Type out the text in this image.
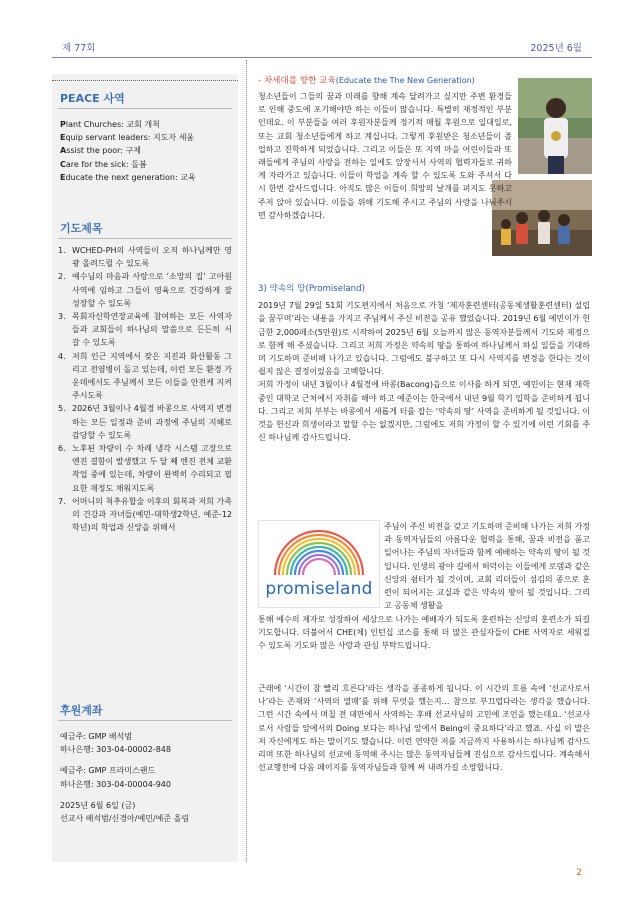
제 77회	2025년 6월
PEACE 사역
Plant Churches: 교회 개척
Equip servant leaders: 지도자 세움
Assist the poor: 구제
Care for the sick: 돌봄
Educate the next generation: 교육
기도제목
1. WCHED-PH의 사역들이 오직 하나님께만 영광 올려드릴 수 있도록
2. 예수님의 마음과 사랑으로 ‘소망의 집’ 고아원 사역에 임하고 그들이 영육으로 건강하게 잘 성장할 수 있도록
3. 목회자신학연장교육에 참여하는 모든 사역자들과 교회들이 하나님의 말씀으로 든든히 서 갈 수 있도록
4. 저희 인근 지역에서 잦은 지진과 화산활동 그리고 전염병이 돌고 있는데, 이런 모든 환경 가운데에서도 주님께서 모든 이들을 안전케 지켜 주시도록
5. 2026년 3월이나 4월경 바콩으로 사역지 변경하는 모든 일정과 준비 과정에 주님의 지혜로 감당할 수 있도록
6. 노후된 차량이 수 차례 냉각 시스템 고장으로 엔진 결함이 발생했고 두 달 째 엔진 전체 교환 작업 중에 있는데, 차량이 완벽히 수리되고 필요한 재정도 채워지도록
7. 어머니의 척추유합술 이후의 회복과 저희 가족의 건강과 자녀들(예민-대학생2학년, 예준-12학년)의 학업과 신앙을 위해서
후원계좌
예금주: GMP 배석범
하나은행: 303-04-00002-848
예금주: GMP 프라미스랜드
하나은행: 303-04-00004-940
2025년 6월 6일 (금)
선교사 배석범/신경아/예민/예준 올림
- 차세대를 향한 교육(Educate the The New Generation)

청소년들이 그들의 꿈과 미래를 향해 계속 달려가고 싶지만 주변 환경들로 인해 중도에 포기해야만 하는 이들이 많습니다. 특별히 재정적인 부분인데요. 이 부분들을 여러 후원자분들께 정기적 매월 후원으로 일대일로, 또는 교회 청소년들에게 하고 계십니다. 그렇게 후원받은 청소년들이 졸업하고 진학하게 되었습니다. 그리고 이들은 또 지역 마을 어린이들과 또래들에게 주님의 사랑을 전하는 일에도 앞장서서 사역의 협력자들로 귀하게 자라가고 있습니다. 이들이 학업을 계속 할 수 있도록 도와 주셔서 다시 한번 감사드립니다. 아직도 많은 이들이 희망의 날개를 펴지도 못하고 주저 앉아 있습니다. 이들을 위해 기도해 주시고 주님의 사랑을 나눠주시면 감사하겠습니다.

3) 약속의 땅(Promiseland)

2019년 7월 29일 51회 기도편지에서 처음으로 가칭 ‘제자훈련센터(공동체생활훈련센터) 설립을 꿈꾸며’라는 내용을 가지고 주님께서 주신 비전을 공유 했었습니다. 2019년 6월 예민이가 헌금한 2,000페소(5만원)로 시작하여 2025년 6월 오늘까지 많은 동역자분들께서 기도와 재정으로 함께 해 주셨습니다. 그리고 저희 가정은 약속의 땅을 통하여 하나님께서 하실 일들을 기대하며 기도하며 준비해 나가고 있습니다. 그럼에도 불구하고 또 다시 사역지를 변경을 한다는 것이 쉽지 않은 결정이었음을 고백합니다.

저희 가정이 내년 3월이나 4월경에 바콩(Bacong)읍으로 이사를 하게 되면, 예민이는 현재 재학중인 대학교 근처에서 자취를 해야 하고 예준이는 한국에서 내년 9월 학기 입학을 준비하게 됩니다. 그리고 저희 부부는 바콩에서 새롭게 터를 잡는 ‘약속의 땅’ 사역을 준비하게 될 것입니다. 이것을 헌신과 희생이라고 말할 수는 없겠지만, 그럼에도 저희 가정이 할 수 있기에 이런 기회를 주신 하나님께 감사드립니다.

promiseland

주님이 주신 비전을 갖고 기도하며 준비해 나가는 저희 가정과 동역자님들의 아름다운 협력을 통해, 꿈과 비전을 품고 일어나는 주님의 자녀들과 함께 예배하는 약속의 땅이 될 것입니다. 인생의 광야 길에서 허덕이는 이들에게 로뎀과 같은 신앙의 쉼터가 될 것이며, 교회 리더들이 섬김의 종으로 훈련이 되어지는 교실과 같은 약속의 땅이 될 것입니다. 그리고 공동체 생활을

통해 예수의 제자로 성장하여 세상으로 나가는 예배자가 되도록 훈련하는 신앙의 훈련소가 되길 기도합니다. 더불어서 CHE(체) 인턴십 코스를 통해 더 많은 관심자들이 CHE 사역자로 세워질 수 있도록 기도와 많은 사랑과 관심 부탁드립니다.

근래에 ‘시간이 참 빨리 흐른다’라는 생각을 종종하게 됩니다. 이 시간의 흐름 속에 ‘선교사로서 나’라는 존재와 ‘사역의 열매’를 위해 무엇을 했는지… 참으로 부끄럽다라는 생각을 했습니다. 그런 시간 속에서 며칠 전 대만에서 사역하는 후배 선교사님의 고민에 조언을 했는데요. ‘선교사로서 사람들 앞에서의 Doing 보다는 하나님 앞에서 Being이 중요하다’라고 했죠. 사실 이 말은 저 자신에게도 하는 말이기도 했습니다. 이런 연약한 저를 지금까지 사용하시는 하나님께 감사드리며 또한 하나님의 선교에 동역해 주시는 많은 동역자님들께 진심으로 감사드립니다. 계속해서 선교행전에 다음 페이지를 동역자님들과 함께 써 내려가길 소망합니다.

2
